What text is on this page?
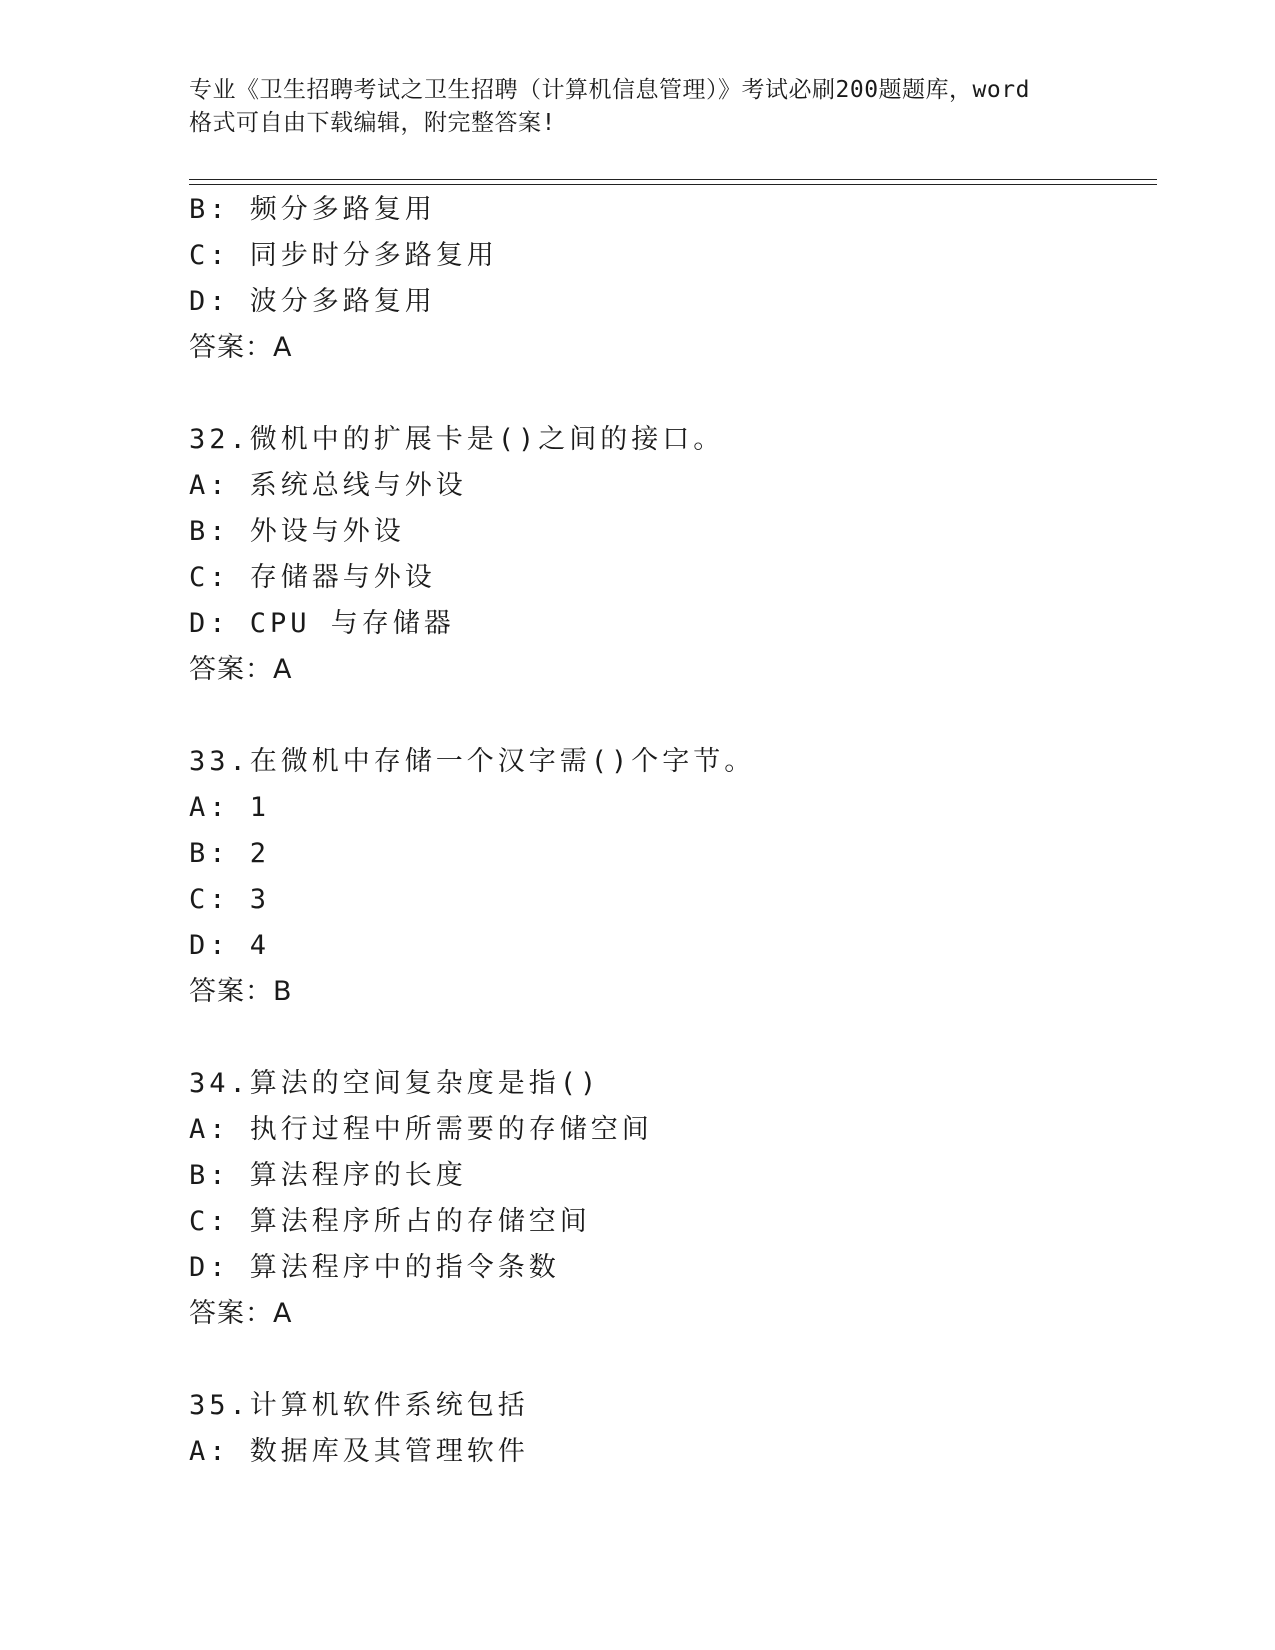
专业《卫生招聘考试之卫生招聘（计算机信息管理）》考试必刷200题题库，word
格式可自由下载编辑，附完整答案!
B: 频分多路复用
C: 同步时分多路复用
D: 波分多路复用
答案：A
32.微机中的扩展卡是()之间的接口。
A: 系统总线与外设
B: 外设与外设
C: 存储器与外设
D: CPU 与存储器
答案：A
33.在微机中存储一个汉字需()个字节。
A: 1
B: 2
C: 3
D: 4
答案：B
34.算法的空间复杂度是指()
A: 执行过程中所需要的存储空间
B: 算法程序的长度
C: 算法程序所占的存储空间
D: 算法程序中的指令条数
答案：A
35.计算机软件系统包括
A: 数据库及其管理软件
